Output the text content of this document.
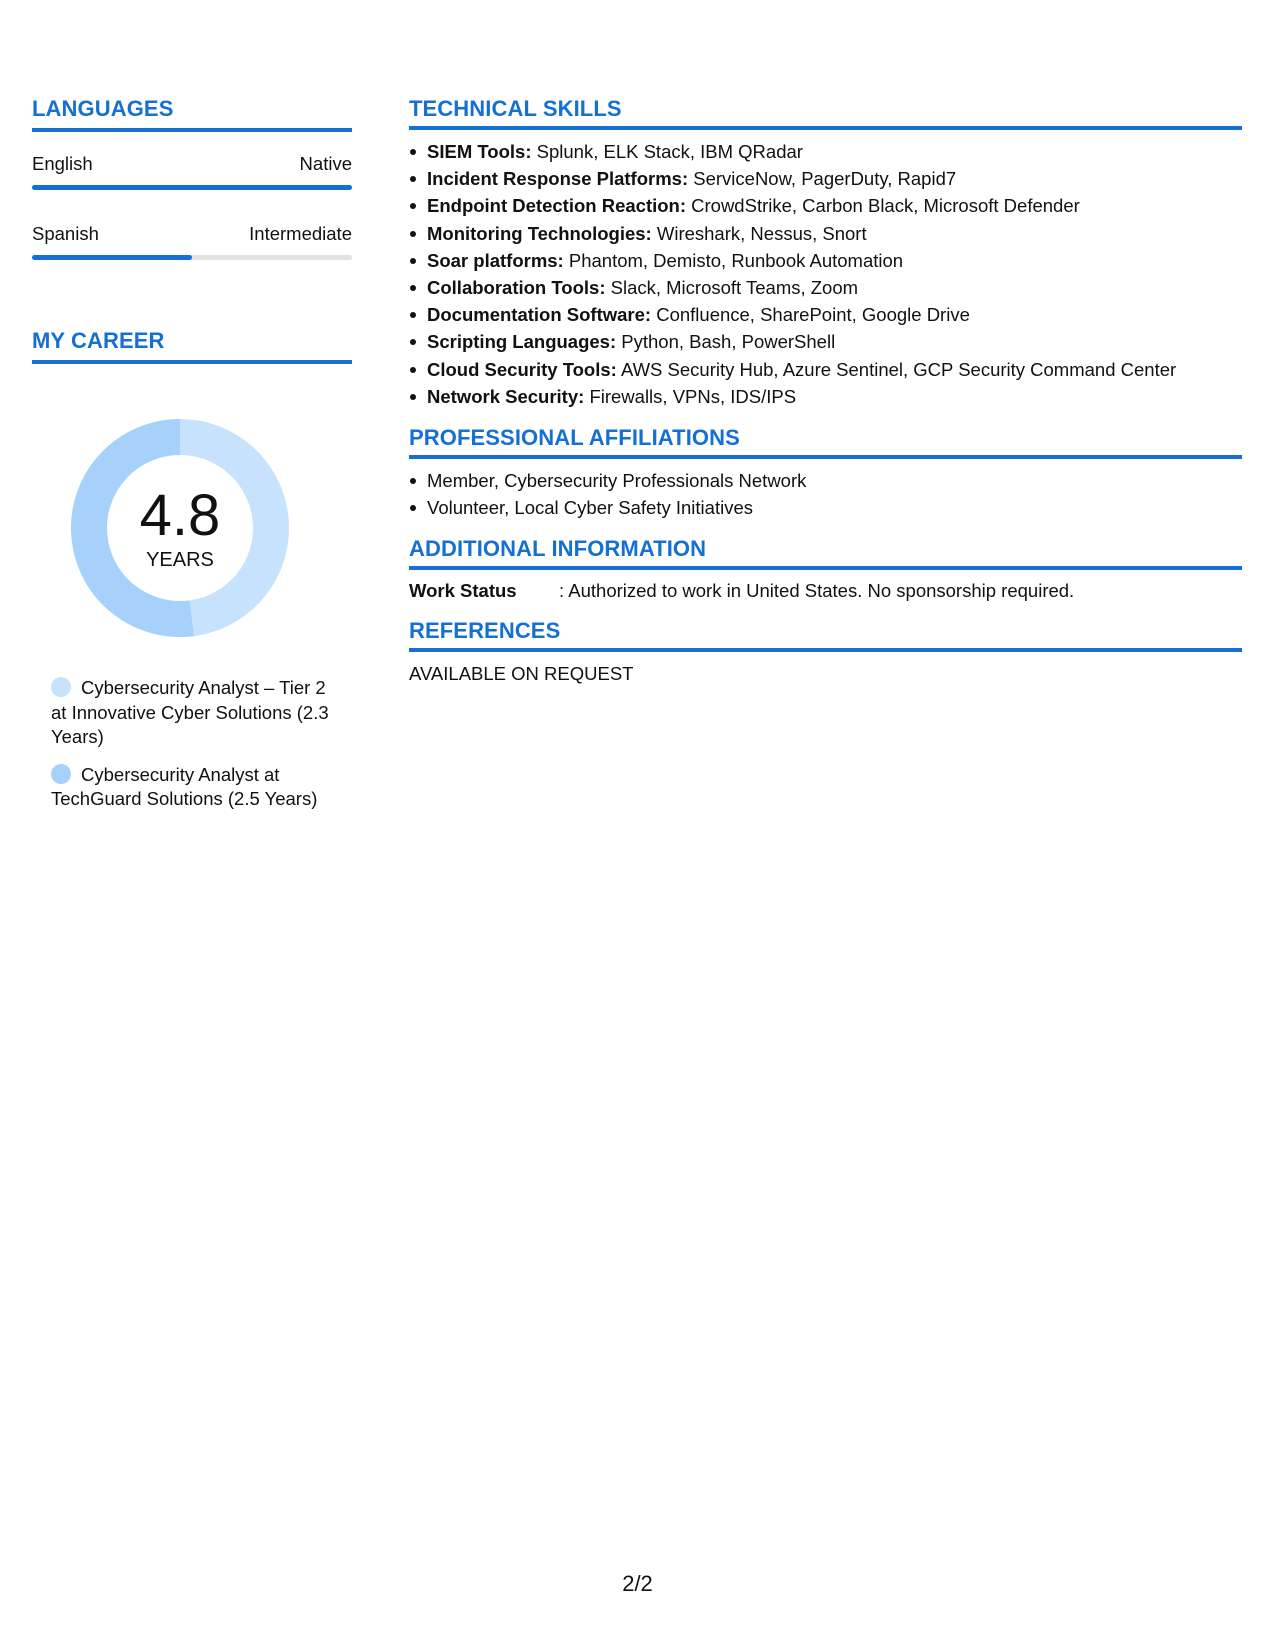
LANGUAGES
English	Native
Spanish	Intermediate
MY CAREER
4.8
YEARS
Cybersecurity Analyst – Tier 2 at Innovative Cyber Solutions (2.3 Years)
Cybersecurity Analyst at TechGuard Solutions (2.5 Years)
TECHNICAL SKILLS
SIEM Tools: Splunk, ELK Stack, IBM QRadar
Incident Response Platforms: ServiceNow, PagerDuty, Rapid7
Endpoint Detection Reaction: CrowdStrike, Carbon Black, Microsoft Defender
Monitoring Technologies: Wireshark, Nessus, Snort
Soar platforms: Phantom, Demisto, Runbook Automation
Collaboration Tools: Slack, Microsoft Teams, Zoom
Documentation Software: Confluence, SharePoint, Google Drive
Scripting Languages: Python, Bash, PowerShell
Cloud Security Tools: AWS Security Hub, Azure Sentinel, GCP Security Command Center
Network Security: Firewalls, VPNs, IDS/IPS
PROFESSIONAL AFFILIATIONS
Member, Cybersecurity Professionals Network
Volunteer, Local Cyber Safety Initiatives
ADDITIONAL INFORMATION
Work Status	: Authorized to work in United States. No sponsorship required.
REFERENCES
AVAILABLE ON REQUEST
2/2
